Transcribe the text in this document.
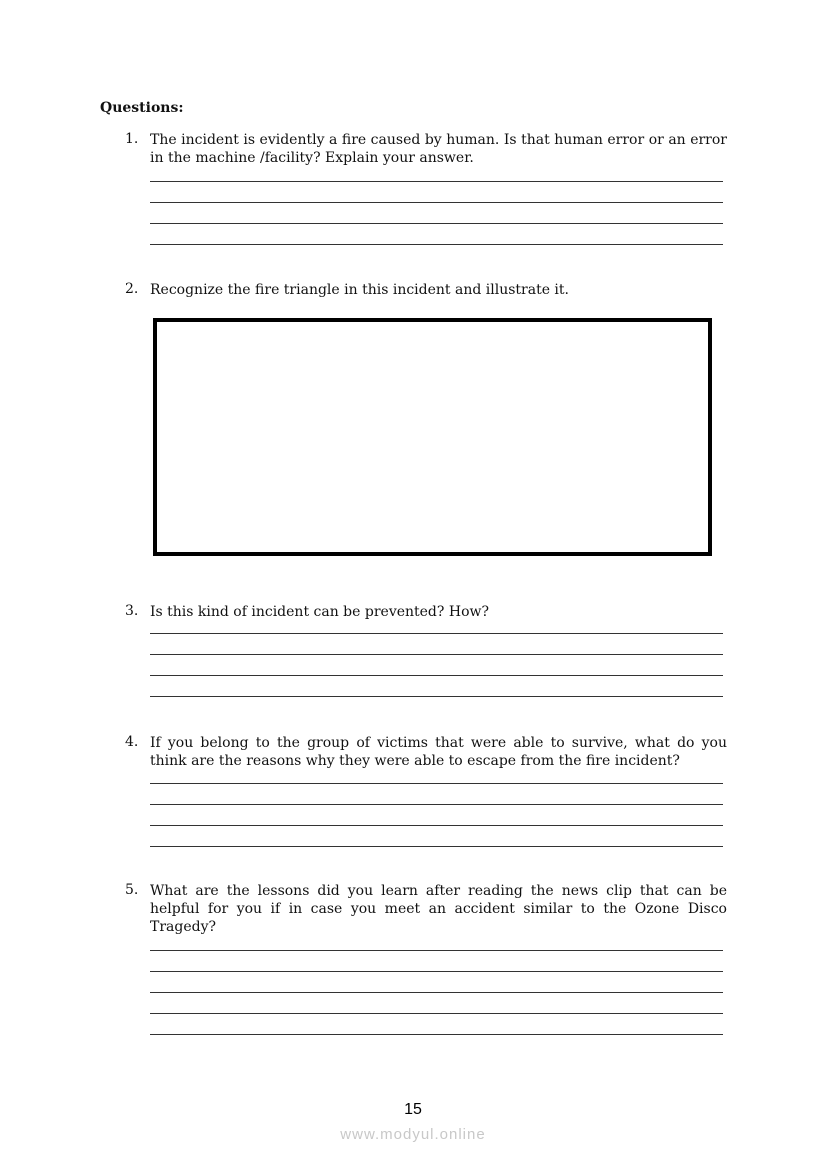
Questions:
1. The incident is evidently a fire caused by human. Is that human error or an error in the machine /facility? Explain your answer.
2. Recognize the fire triangle in this incident and illustrate it.
3. Is this kind of incident can be prevented? How?
4. If you belong to the group of victims that were able to survive, what do you think are the reasons why they were able to escape from the fire incident?
5. What are the lessons did you learn after reading the news clip that can be helpful for you if in case you meet an accident similar to the Ozone Disco Tragedy?
15
www.modyul.online
